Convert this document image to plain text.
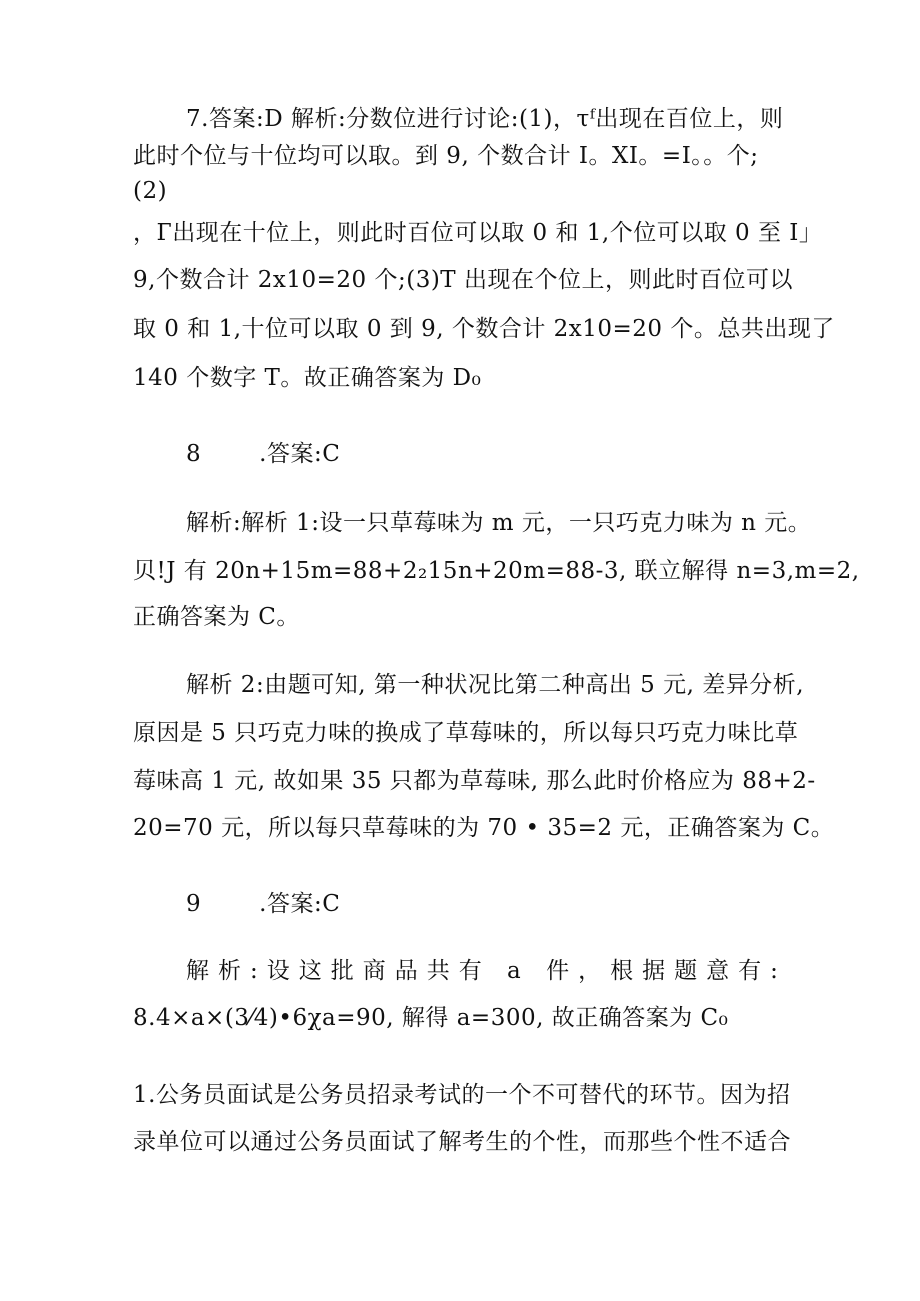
7.答案:D 解析:分数位进行讨论:(1)，τᶠ出现在百位上，则
此时个位与十位均可以取。到 9, 个数合计 I。XI。=I。。个;
(2)
，Г出现在十位上，则此时百位可以取 0 和 1,个位可以取 0 至 I」
9,个数合计 2x10=20 个;(3)T 出现在个位上，则此时百位可以
取 0 和 1,十位可以取 0 到 9, 个数合计 2x10=20 个。总共出现了
140 个数字 T。故正确答案为 D₀
8	.答案:C
解析:解析 1:设一只草莓味为 m 元，一只巧克力味为 n 元。
贝!J 有 20n+15m=88+2₂15n+20m=88-3, 联立解得 n=3,m=2,
正确答案为 C。
解析 2:由题可知, 第一种状况比第二种高出 5 元, 差异分析,
原因是 5 只巧克力味的换成了草莓味的，所以每只巧克力味比草
莓味高 1 元, 故如果 35 只都为草莓味, 那么此时价格应为 88+2-
20=70 元，所以每只草莓味的为 70 • 35=2 元，正确答案为 C。
9	.答案:C
解析:设这批商品共有 a 件，根据题意有:
8.4×a×(3⁄4)•6χa=90, 解得 a=300, 故正确答案为 C₀
1.公务员面试是公务员招录考试的一个不可替代的环节。因为招
录单位可以通过公务员面试了解考生的个性，而那些个性不适合
